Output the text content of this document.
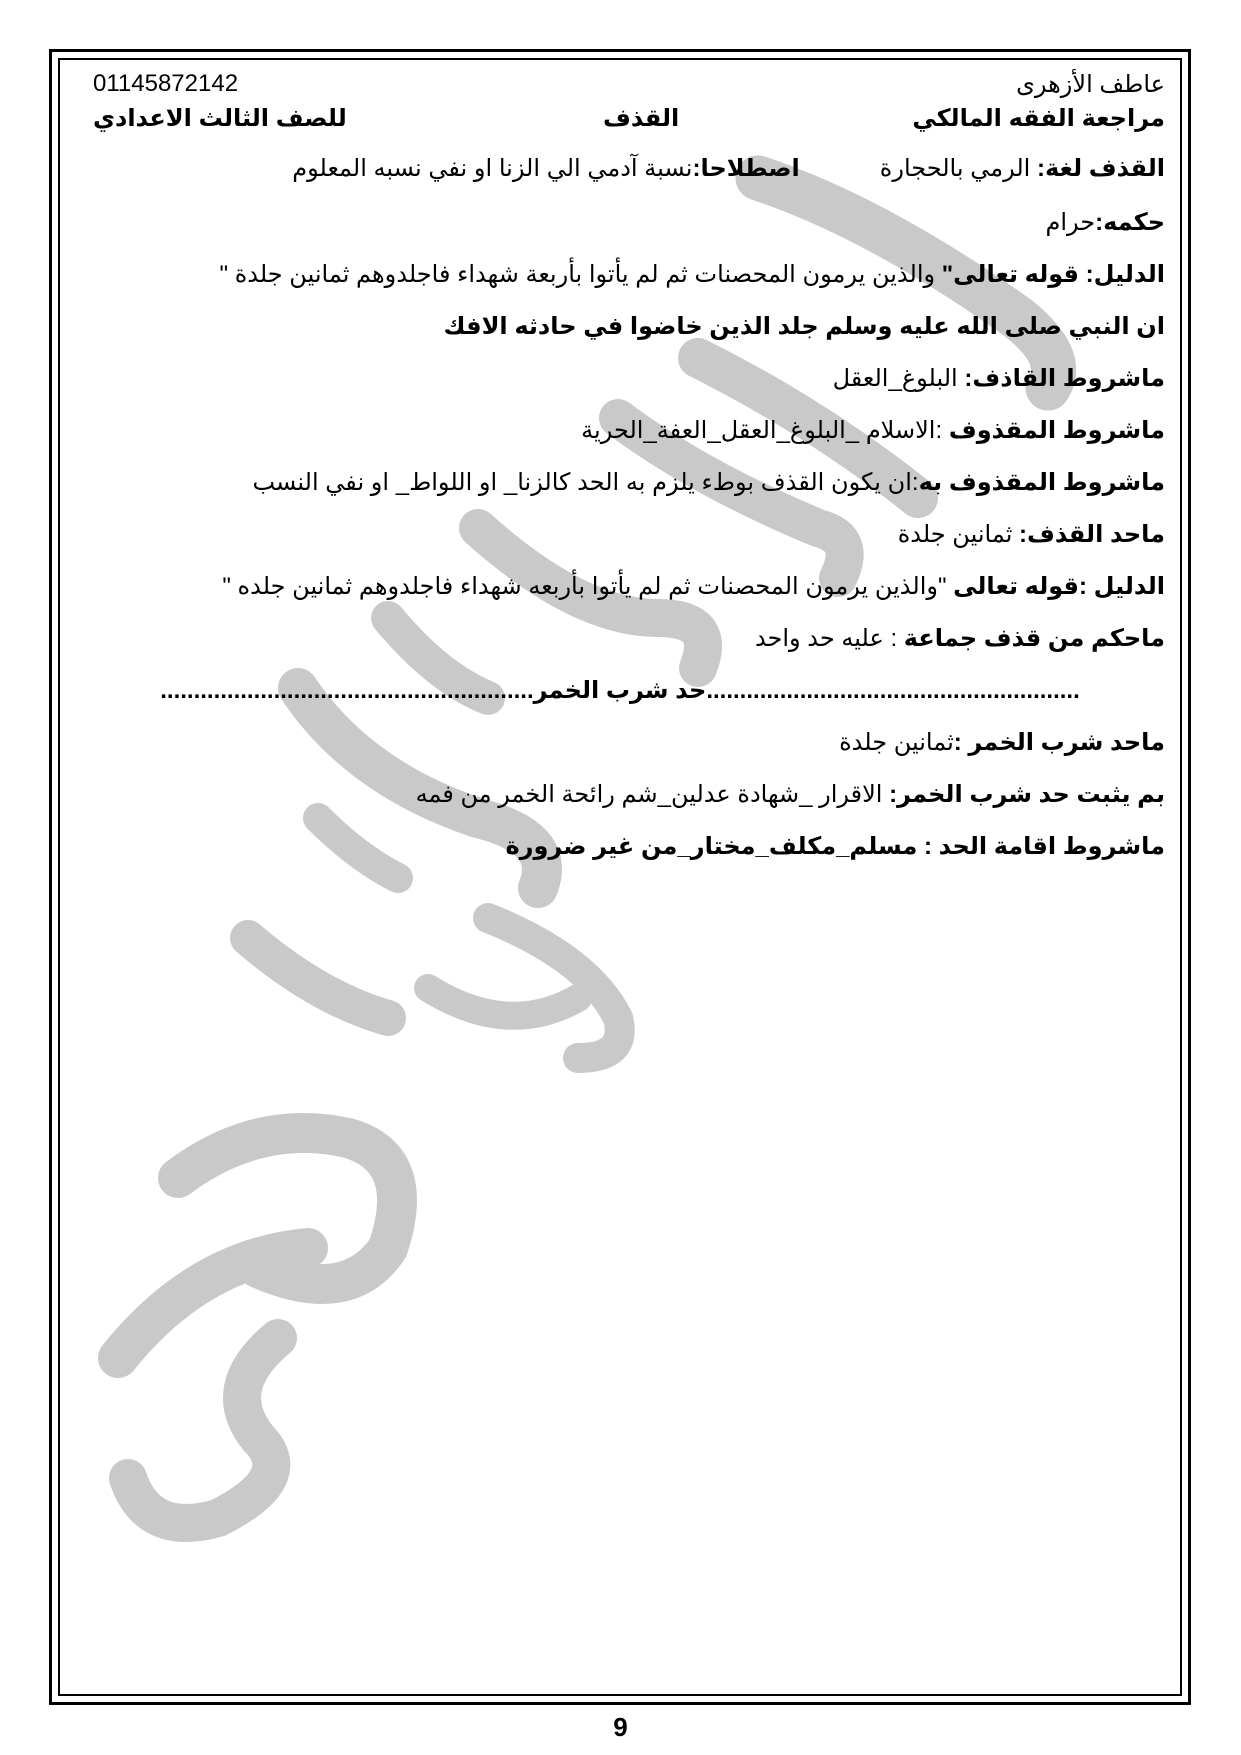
عاطف الأزهرى
01145872142
مراجعة الفقه المالكي
القذف
للصف الثالث الاعدادي
القذف لغة: الرمي بالحجارةاصطلاحا:نسبة آدمي الي الزنا او نفي نسبه المعلوم
حكمه:حرام
الدليل: قوله تعالى" والذين يرمون المحصنات ثم لم يأتوا بأربعة شهداء فاجلدوهم ثمانين جلدة "
ان النبي صلى الله عليه وسلم جلد الذين خاضوا في حادثه الافك
ماشروط القاذف: البلوغ_العقل
ماشروط المقذوف :الاسلام _البلوغ_العقل_العفة_الحرية
ماشروط المقذوف به:ان يكون القذف بوطء يلزم به الحد كالزنا_ او اللواط_ او نفي النسب
ماحد القذف: ثمانين جلدة
الدليل :قوله تعالى "والذين يرمون المحصنات ثم لم يأتوا بأربعه شهداء فاجلدوهم ثمانين جلده "
ماحكم من قذف جماعة : عليه حد واحد
........................................................حد شرب الخمر........................................................
ماحد شرب الخمر :ثمانين جلدة
بم يثبت حد شرب الخمر: الاقرار _شهادة عدلين_شم رائحة الخمر من فمه
ماشروط اقامة الحد : مسلم_مكلف_مختار_من غير ضرورة
9
